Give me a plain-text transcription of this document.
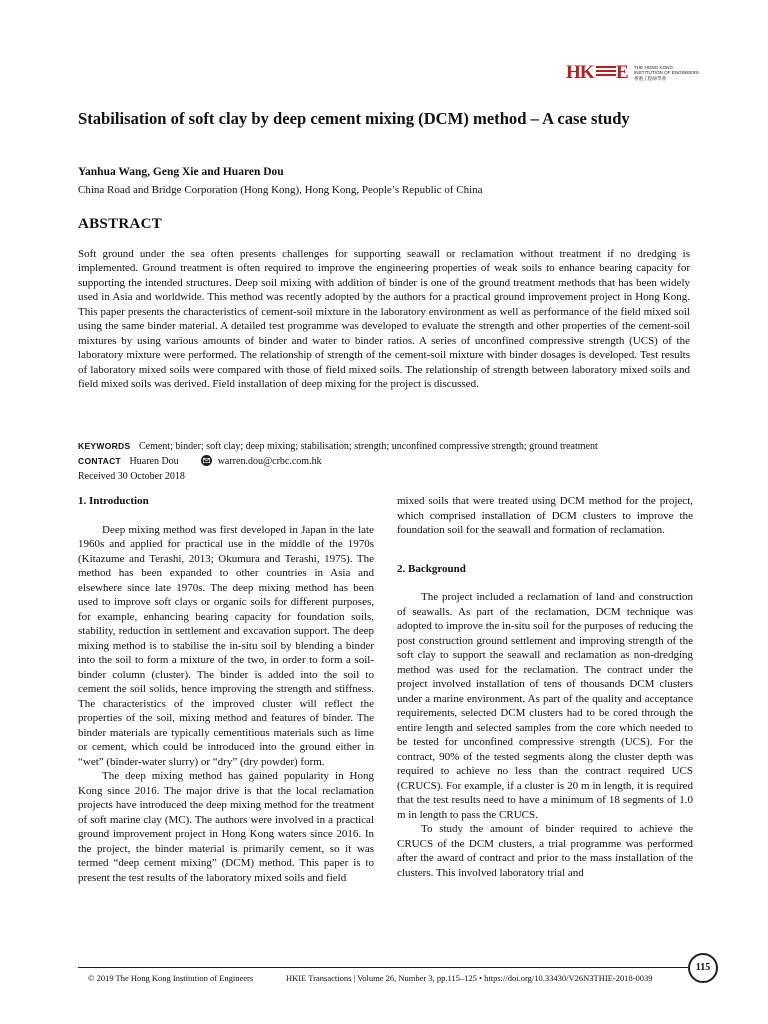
HK E THE HONG KONG
INSTITUTION OF ENGINEERS
香港工程師學會
Stabilisation of soft clay by deep cement mixing (DCM) method – A case study
Yanhua Wang, Geng Xie and Huaren Dou
China Road and Bridge Corporation (Hong Kong), Hong Kong, People’s Republic of China
ABSTRACT
Soft ground under the sea often presents challenges for supporting seawall or reclamation without treatment if no dredging is implemented. Ground treatment is often required to improve the engineering properties of weak soils to enhance bearing capacity for supporting the intended structures. Deep soil mixing with addition of binder is one of the ground treatment methods that has been widely used in Asia and worldwide. This method was recently adopted by the authors for a practical ground improvement project in Hong Kong. This paper presents the characteristics of cement-soil mixture in the laboratory environment as well as performance of the field mixed soil using the same binder material. A detailed test programme was developed to evaluate the strength and other properties of the cement-soil mixtures by using various amounts of binder and water to binder ratios. A series of unconfined compressive strength (UCS) of the laboratory mixture were performed. The relationship of strength of the cement-soil mixture with binder dosages is developed. Test results of laboratory mixed soils were compared with those of field mixed soils. The relationship of strength between laboratory mixed soils and field mixed soils was derived. Field installation of deep mixing for the project is discussed.
KEYWORDS Cement; binder; soft clay; deep mixing; stabilisation; strength; unconfined compressive strength; ground treatment
CONTACT Huaren Dou	warren.dou@crbc.com.hk
Received 30 October 2018
1. Introduction

Deep mixing method was first developed in Japan in the late 1960s and applied for practical use in the middle of the 1970s (Kitazume and Terashi, 2013; Okumura and Terashi, 1975). The method has been expanded to other countries in Asia and elsewhere since late 1970s. The deep mixing method has been used to improve soft clays or organic soils for different purposes, for example, enhancing bearing capacity for foundation soils, stability, reduction in settlement and excavation support. The deep mixing method is to stabilise the in-situ soil by blending a binder into the soil to form a mixture of the two, in order to form a soil-binder column (cluster). The binder is added into the soil to cement the soil solids, hence improving the strength and stiffness. The characteristics of the improved cluster will reflect the properties of the soil, mixing method and features of binder. The binder materials are typically cementitious materials such as lime or cement, which could be introduced into the ground either in “wet” (binder-water slurry) or “dry” (dry powder) form.

The deep mixing method has gained popularity in Hong Kong since 2016. The major drive is that the local reclamation projects have introduced the deep mixing method for the treatment of soft marine clay (MC). The authors were involved in a practical ground improvement project in Hong Kong waters since 2016. In the project, the binder material is primarily cement, so it was termed “deep cement mixing” (DCM) method. This paper is to present the test results of the laboratory mixed soils and field

mixed soils that were treated using DCM method for the project, which comprised installation of DCM clusters to improve the foundation soil for the seawall and formation of reclamation.

2. Background

The project included a reclamation of land and construction of seawalls. As part of the reclamation, DCM technique was adopted to improve the in-situ soil for the purposes of reducing the post construction ground settlement and improving strength of the soft clay to support the seawall and reclamation as non-dredging method was used for the reclamation. The contract under the project involved installation of tens of thousands DCM clusters under a marine environment. As part of the quality and acceptance requirements, selected DCM clusters had to be cored through the entire length and selected samples from the core which needed to be tested for unconfined compressive strength (UCS). For the contract, 90% of the tested segments along the cluster depth was required to achieve no less than the contract required UCS (CRUCS). For example, if a cluster is 20 m in length, it is required that the test results need to have a minimum of 18 segments of 1.0 m in length to pass the CRUCS.

To study the amount of binder required to achieve the CRUCS of the DCM clusters, a trial programme was performed after the award of contract and prior to the mass installation of the clusters. This involved laboratory trial and

115
© 2019 The Hong Kong Institution of Engineers	HKIE Transactions | Volume 26, Number 3, pp.115–125 • https://doi.org/10.33430/V26N3THIE-2018-0039
